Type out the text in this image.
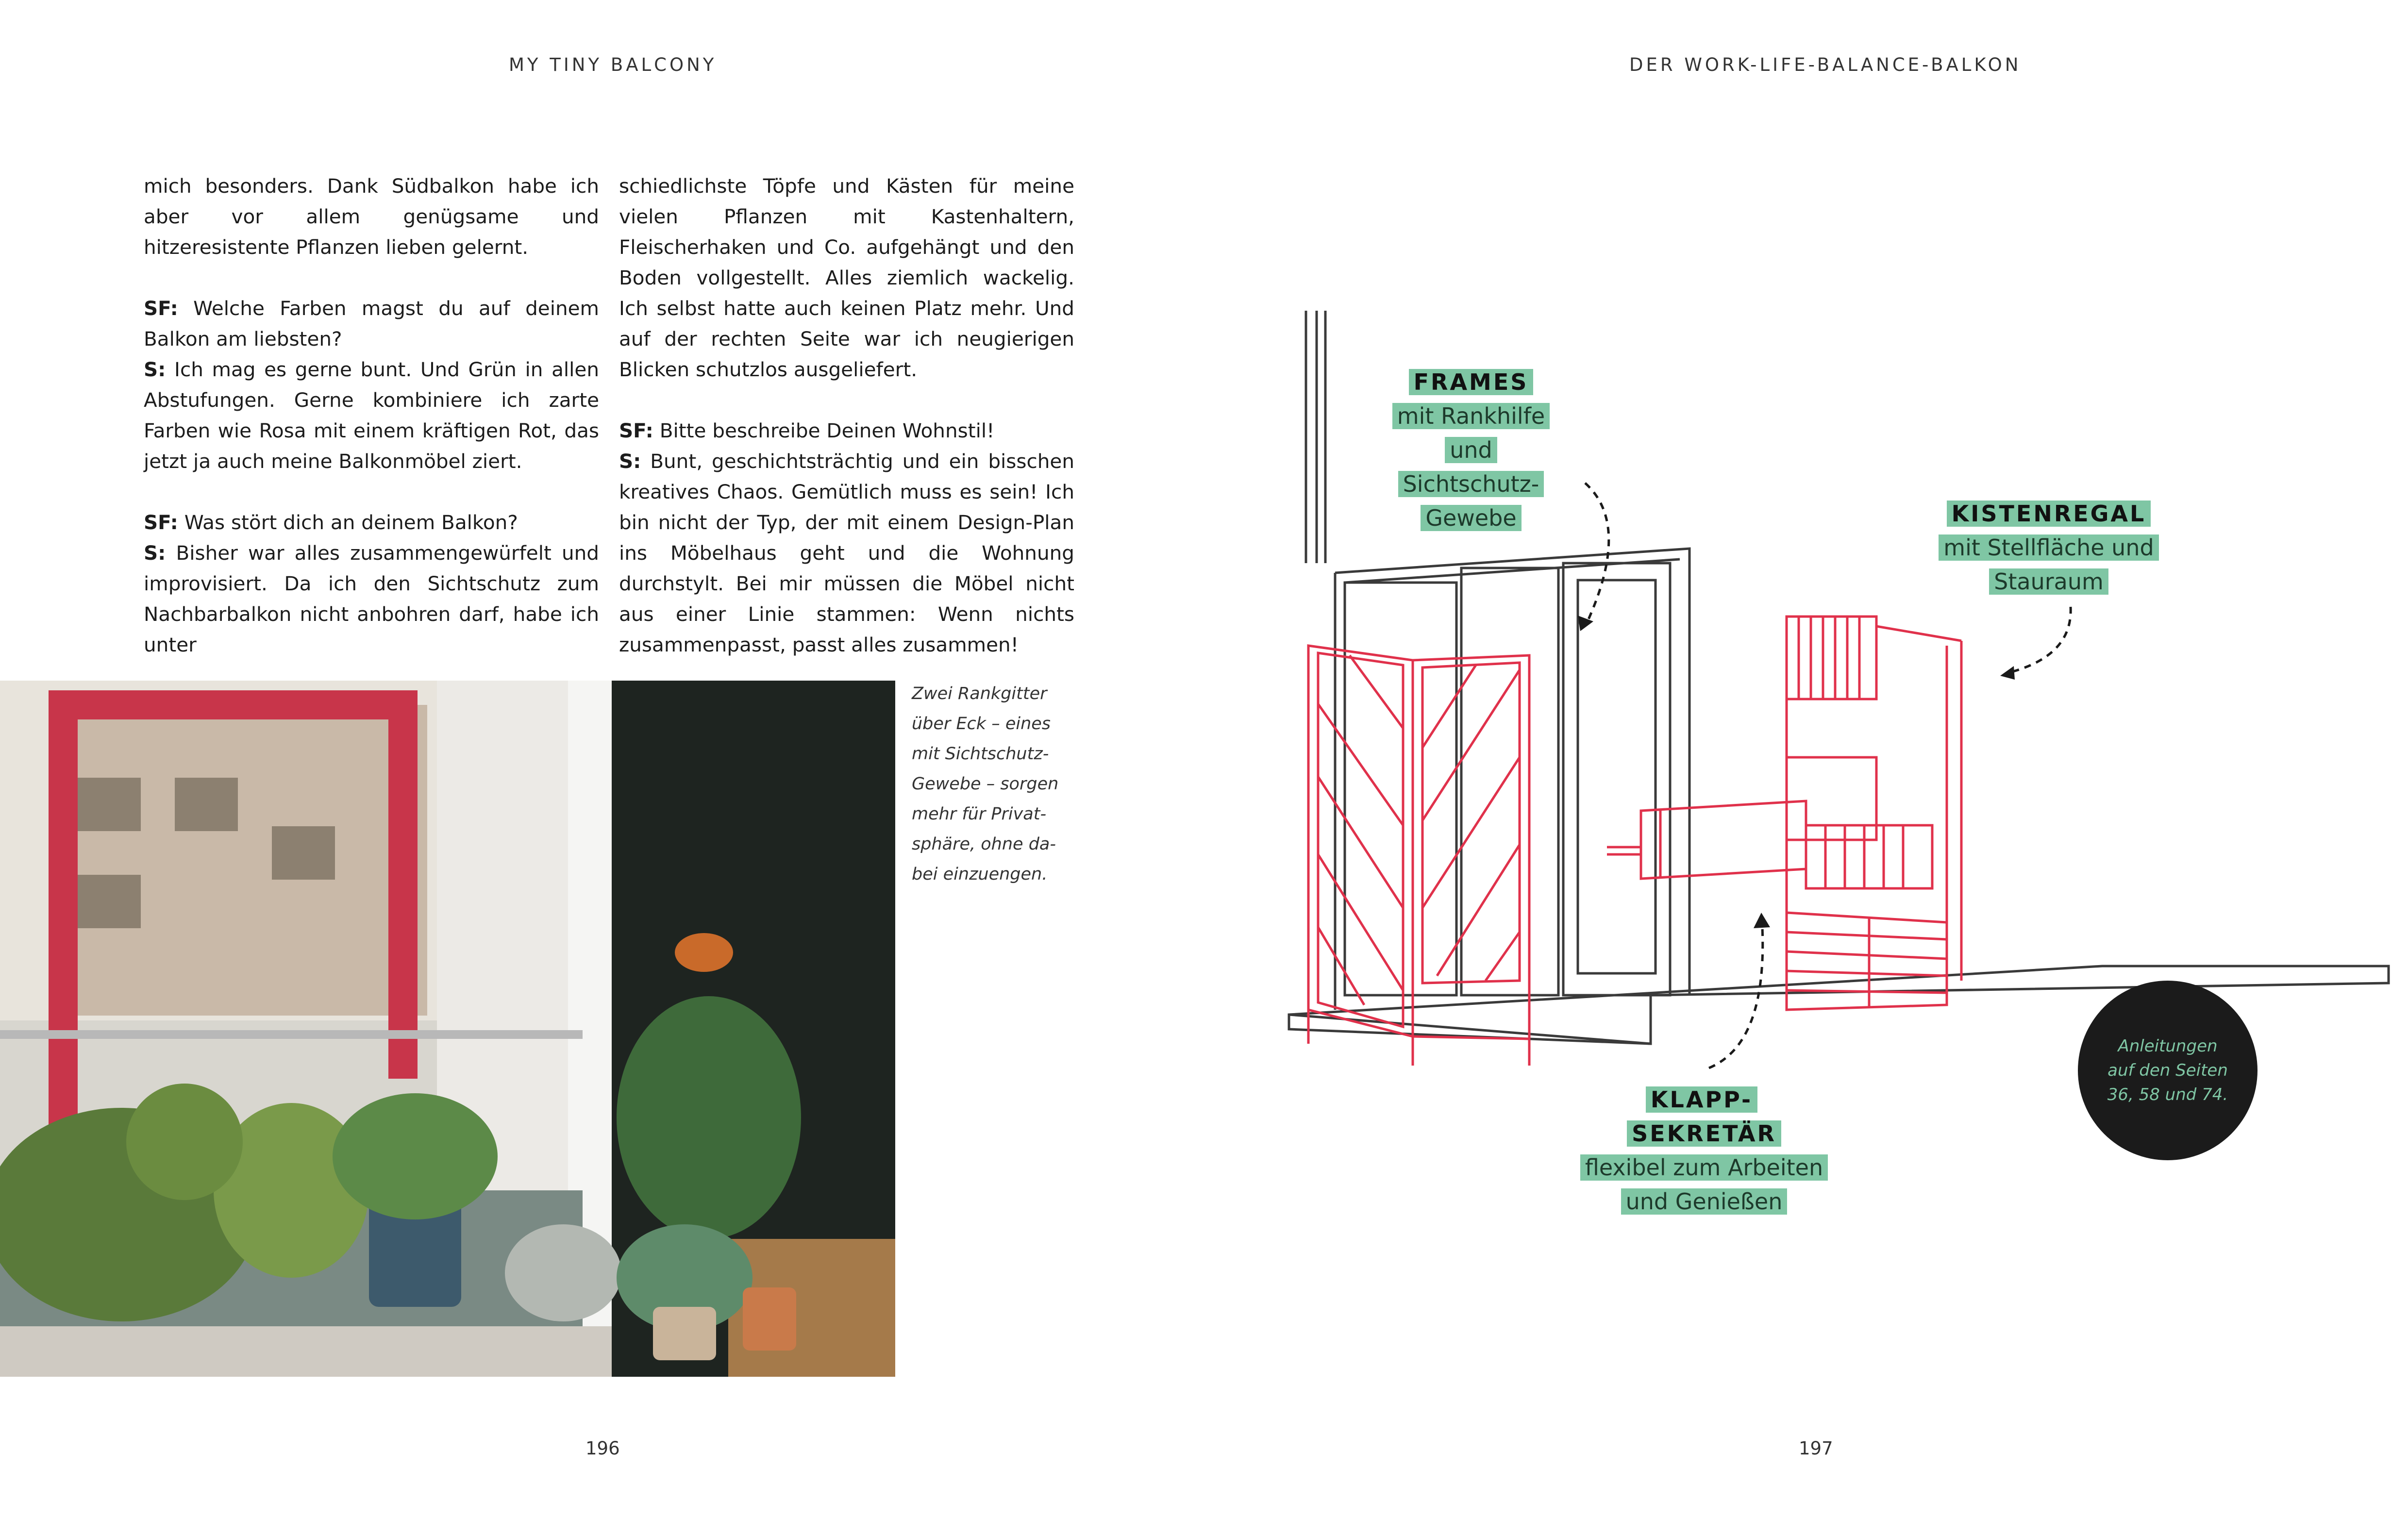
MY TINY BALCONY

mich besonders. Dank Südbalkon habe ich aber vor allem genügsame und hitzeresistente Pflanzen lieben gelernt.

SF: Welche Farben magst du auf deinem Balkon am liebsten?
S: Ich mag es gerne bunt. Und Grün in allen Abstufungen. Gerne kombiniere ich zarte Farben wie Rosa mit einem kräftigen Rot, das jetzt ja auch meine Balkonmöbel ziert.

SF: Was stört dich an deinem Balkon?
S: Bisher war alles zusammengewürfelt und improvisiert. Da ich den Sichtschutz zum Nachbarbalkon nicht anbohren darf, habe ich unter

schiedlichste Töpfe und Kästen für meine vielen Pflanzen mit Kastenhaltern, Fleischerhaken und Co. aufgehängt und den Boden vollgestellt. Alles ziemlich wackelig. Ich selbst hatte auch keinen Platz mehr. Und auf der rechten Seite war ich neugierigen Blicken schutzlos ausgeliefert.

SF: Bitte beschreibe Deinen Wohnstil!
S: Bunt, geschichtsträchtig und ein bisschen kreatives Chaos. Gemütlich muss es sein! Ich bin nicht der Typ, der mit einem Design-Plan ins Möbelhaus geht und die Wohnung durchstylt. Bei mir müssen die Möbel nicht aus einer Linie stammen: Wenn nichts zusammenpasst, passt alles zusammen!

Zwei Rankgitter über Eck – eines mit SichtschutzGewebe – sorgen mehr für Privatsphäre, ohne dabei einzuengen.
196
DER WORK-LIFE-BALANCE-BALKON
FRAMES
mit Rankhilfe
und Sichtschutz-
Gewebe	KISTENREGAL
mit Stellfläche und
Stauraum
KLAPP-SEKRETÄR
flexibel zum Arbeiten
und Genießen
Anleitungen auf den Seiten 36, 58 und 74.
197
